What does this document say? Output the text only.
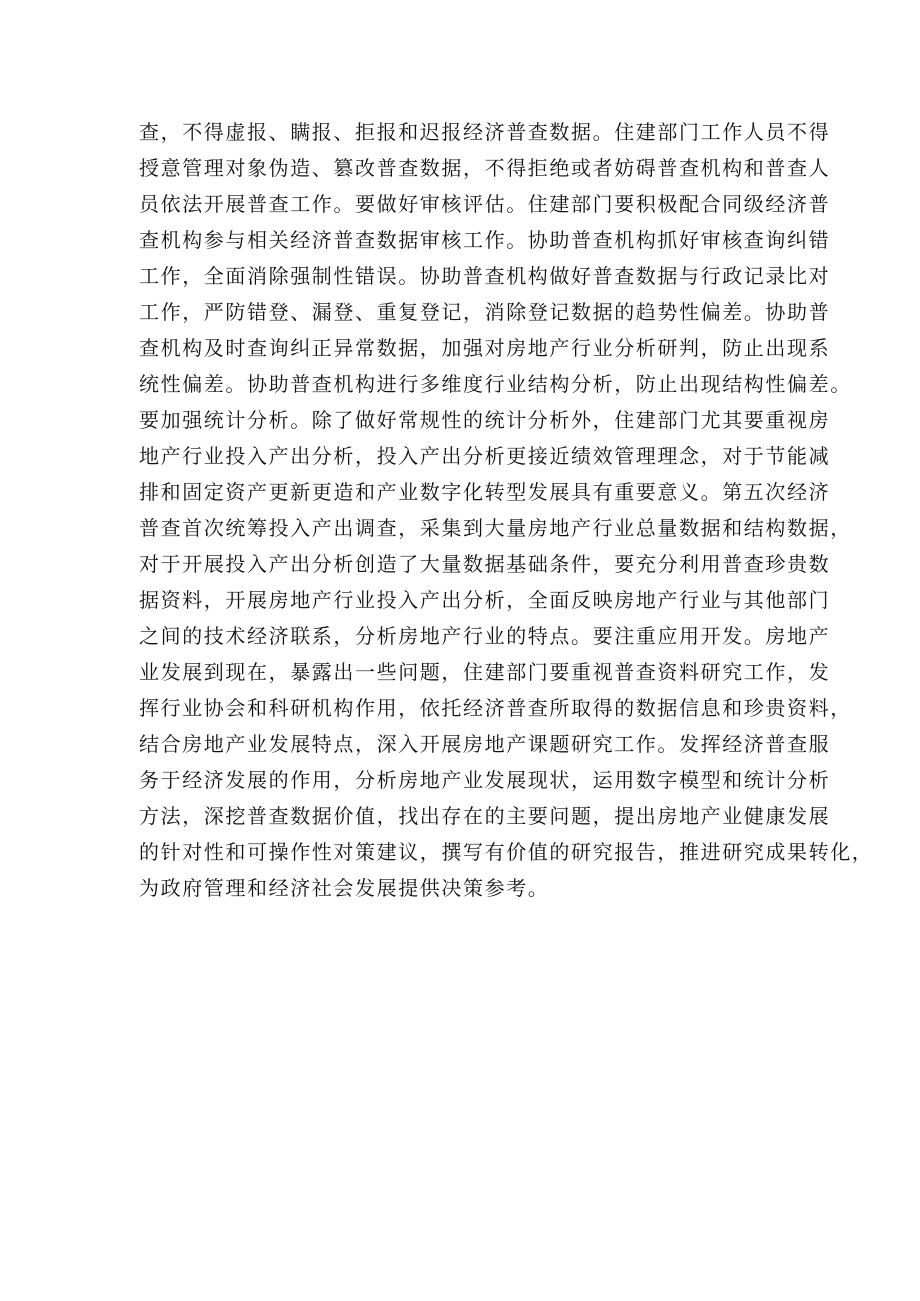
查，不得虚报、瞒报、拒报和迟报经济普查数据。住建部门工作人员不得
授意管理对象伪造、篡改普查数据，不得拒绝或者妨碍普查机构和普查人
员依法开展普查工作。要做好审核评估。住建部门要积极配合同级经济普
查机构参与相关经济普查数据审核工作。协助普查机构抓好审核查询纠错
工作，全面消除强制性错误。协助普查机构做好普查数据与行政记录比对
工作，严防错登、漏登、重复登记，消除登记数据的趋势性偏差。协助普
查机构及时查询纠正异常数据，加强对房地产行业分析研判，防止出现系
统性偏差。协助普查机构进行多维度行业结构分析，防止出现结构性偏差。
要加强统计分析。除了做好常规性的统计分析外，住建部门尤其要重视房
地产行业投入产出分析，投入产出分析更接近绩效管理理念，对于节能减
排和固定资产更新更造和产业数字化转型发展具有重要意义。第五次经济
普查首次统筹投入产出调查，采集到大量房地产行业总量数据和结构数据，
对于开展投入产出分析创造了大量数据基础条件，要充分利用普查珍贵数
据资料，开展房地产行业投入产出分析，全面反映房地产行业与其他部门
之间的技术经济联系，分析房地产行业的特点。要注重应用开发。房地产
业发展到现在，暴露出一些问题，住建部门要重视普查资料研究工作，发
挥行业协会和科研机构作用，依托经济普查所取得的数据信息和珍贵资料，
结合房地产业发展特点，深入开展房地产课题研究工作。发挥经济普查服
务于经济发展的作用，分析房地产业发展现状，运用数字模型和统计分析
方法，深挖普查数据价值，找出存在的主要问题，提出房地产业健康发展
的针对性和可操作性对策建议，撰写有价值的研究报告，推进研究成果转化，
为政府管理和经济社会发展提供决策参考。
